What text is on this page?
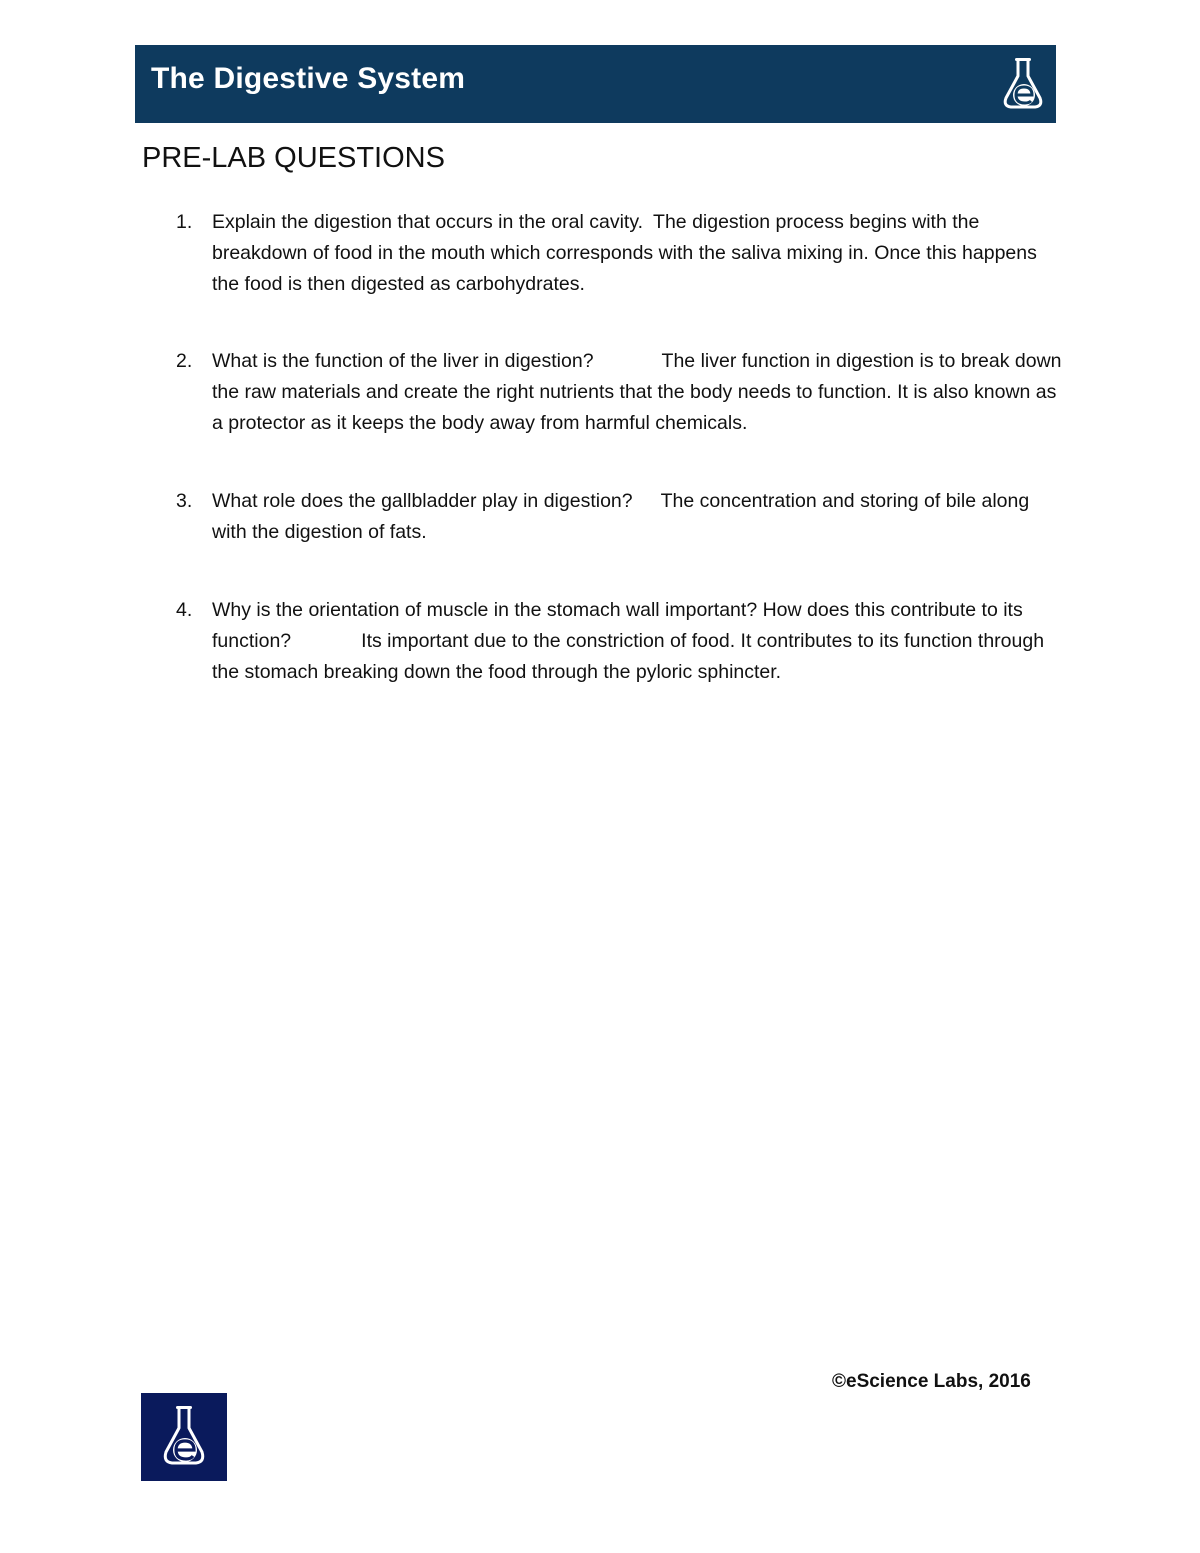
The Digestive System
PRE-LAB QUESTIONS
1. Explain the digestion that occurs in the oral cavity. The digestion process begins with the breakdown of food in the mouth which corresponds with the saliva mixing in. Once this happens the food is then digested as carbohydrates.
2. What is the function of the liver in digestion?	The liver function in digestion is to break down the raw materials and create the right nutrients that the body needs to function. It is also known as a protector as it keeps the body away from harmful chemicals.
3. What role does the gallbladder play in digestion? The concentration and storing of bile along with the digestion of fats.
4. Why is the orientation of muscle in the stomach wall important? How does this contribute to its function?	Its important due to the constriction of food. It contributes to its function through the stomach breaking down the food through the pyloric sphincter.
©eScience Labs, 2016
